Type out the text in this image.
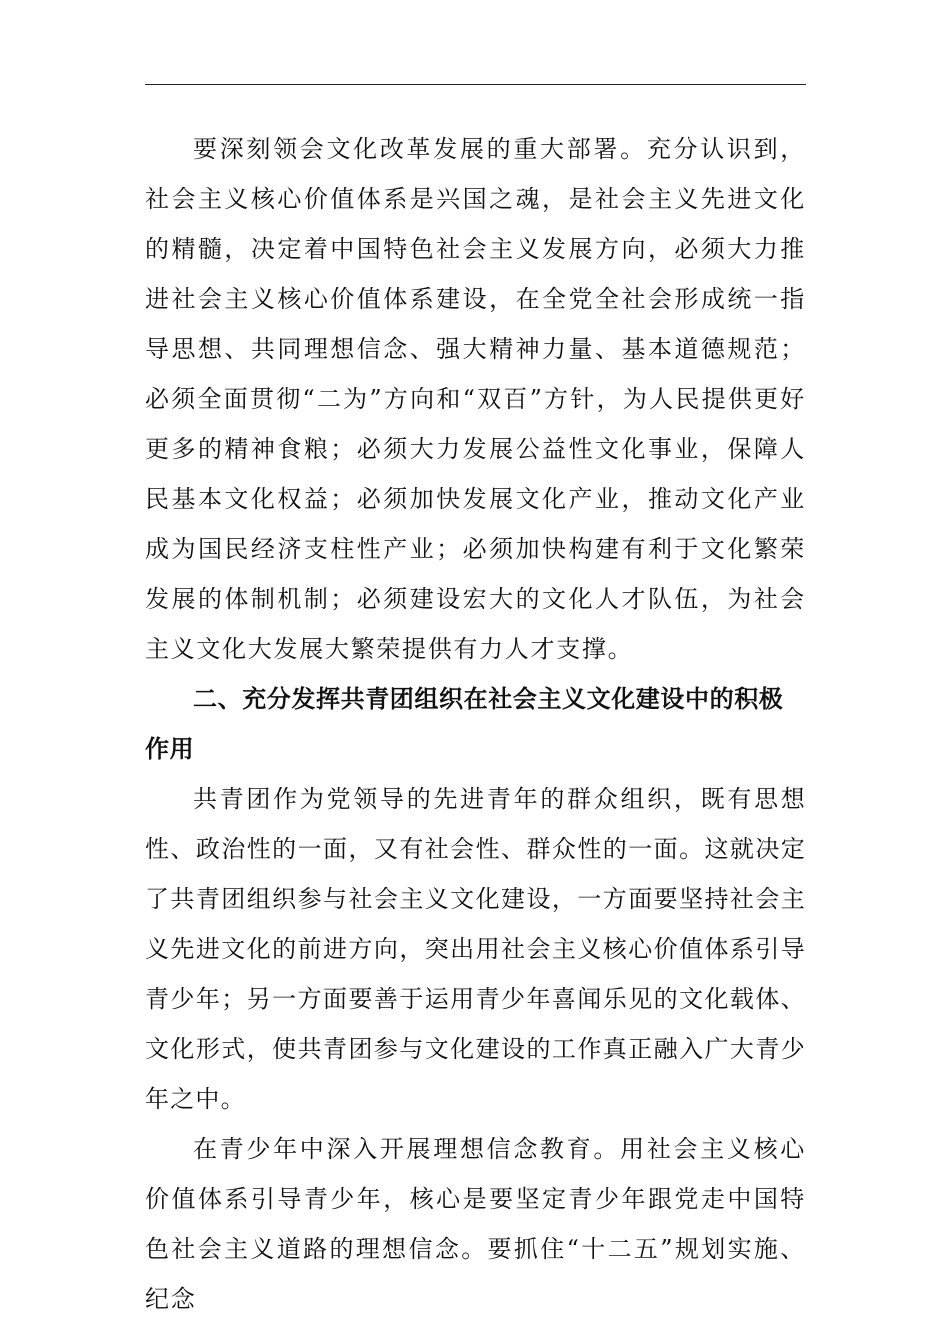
要深刻领会文化改革发展的重大部署。充分认识到，社会主义核心价值体系是兴国之魂，是社会主义先进文化的精髓，决定着中国特色社会主义发展方向，必须大力推进社会主义核心价值体系建设，在全党全社会形成统一指导思想、共同理想信念、强大精神力量、基本道德规范；必须全面贯彻“二为”方向和“双百”方针，为人民提供更好更多的精神食粮；必须大力发展公益性文化事业，保障人民基本文化权益；必须加快发展文化产业，推动文化产业成为国民经济支柱性产业；必须加快构建有利于文化繁荣发展的体制机制；必须建设宏大的文化人才队伍，为社会主义文化大发展大繁荣提供有力人才支撑。

二、充分发挥共青团组织在社会主义文化建设中的积极作用

共青团作为党领导的先进青年的群众组织，既有思想性、政治性的一面，又有社会性、群众性的一面。这就决定了共青团组织参与社会主义文化建设，一方面要坚持社会主义先进文化的前进方向，突出用社会主义核心价值体系引导青少年；另一方面要善于运用青少年喜闻乐见的文化载体、文化形式，使共青团参与文化建设的工作真正融入广大青少年之中。

在青少年中深入开展理想信念教育。用社会主义核心价值体系引导青少年，核心是要坚定青少年跟党走中国特色社会主义道路的理想信念。要抓住“十二五”规划实施、纪念
